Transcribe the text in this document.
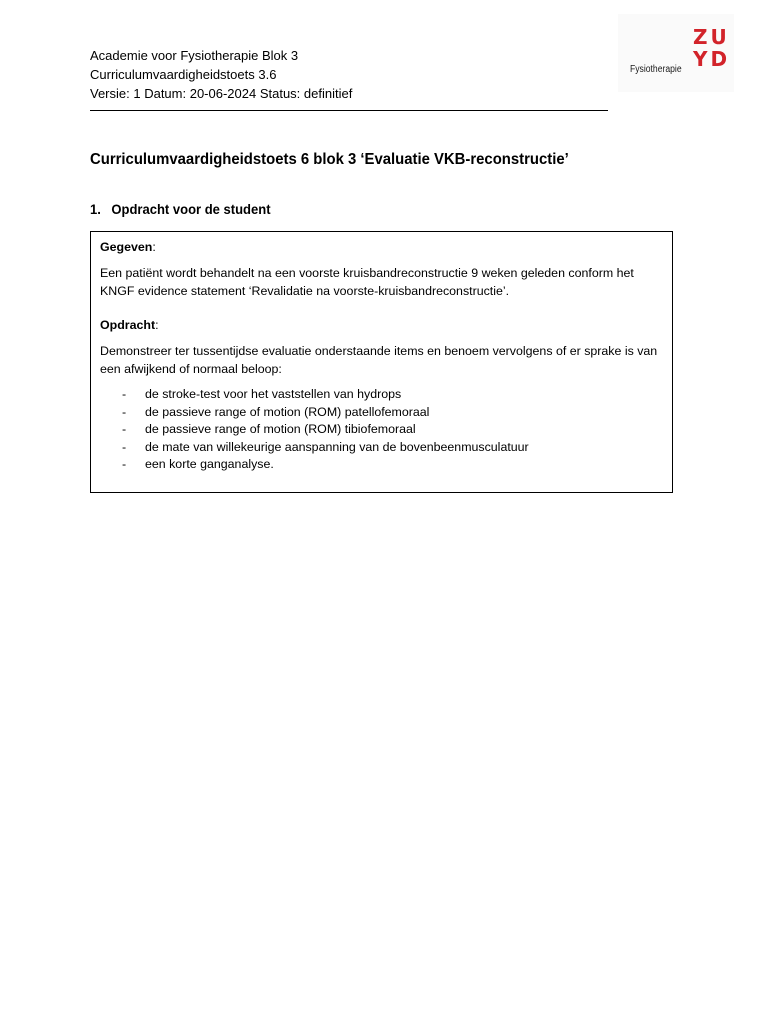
Academie voor Fysiotherapie Blok 3
Curriculumvaardigheidstoets 3.6
Versie: 1 Datum: 20-06-2024 Status: definitief
Fysiotherapie
ZU
YD
Curriculumvaardigheidstoets 6 blok 3 ‘Evaluatie VKB-reconstructie’
1. Opdracht voor de student

Gegeven:

Een patiënt wordt behandelt na een voorste kruisbandreconstructie 9 weken geleden conform het KNGF evidence statement ‘Revalidatie na voorste-kruisbandreconstructie’.

Opdracht:

Demonstreer ter tussentijdse evaluatie onderstaande items en benoem vervolgens of er sprake is van een afwijkend of normaal beloop:

- de stroke-test voor het vaststellen van hydrops
- de passieve range of motion (ROM) patellofemoraal
- de passieve range of motion (ROM) tibiofemoraal
- de mate van willekeurige aanspanning van de bovenbeenmusculatuur
- een korte ganganalyse.
